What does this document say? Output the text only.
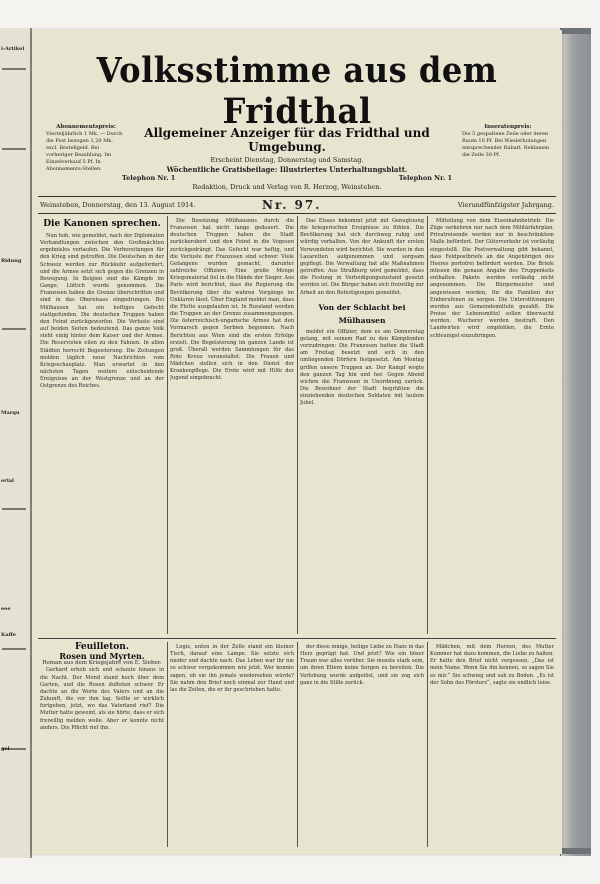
i-Artikel
Ridung
Marqu
erial
eee
Kaffe
gel
Volksstimme aus dem Fridthal
Abonnementspreis:
Vierteljährlich 1 Mk. — Durch die Post bezogen 1,20 Mk. excl. Bestellgeld. Bei vorheriger Bezahlung. Im Einzelverkauf 5 Pf. In Abonnements-Stellen.
Allgemeiner Anzeiger für das Fridthal und Umgebung.
Erscheint Dienstag, Donnerstag und Samstag.
Wöchentliche Gratisbeilage: Illustriertes Unterhaltungsblatt.
Telephon Nr. 1	Telephon Nr. 1
Redaktion, Druck und Verlag von R. Herzog, Weinsteben.
Inseratenpreis:
Die 5 gespaltene Zeile oder deren Raum 10 Pf. Bei Wiederholungen entsprechender Rabatt. Reklamen die Zeile 30 Pf.
Weinsteben, Donnerstag, den 13. August 1914.	Nr. 97.	Vierundfünfzigster Jahrgang.
Die Kanonen sprechen.

Nun hob, wie gemeldet, nach der Diplomaten Verhandlungen zwischen den Großmächten ergebnislos verlaufen. Die Vorbereitungen für den Krieg sind getroffen. Die Deutschen in der Schweiz werden zur Rückkehr aufgefordert, und die Armee setzt sich gegen die Grenzen in Bewegung. In Belgien sind die Kämpfe im Gange; Lüttich wurde genommen. Die Franzosen haben die Grenze überschritten und sind in das Oberelsass eingedrungen. Bei Mülhausen hat ein heftiges Gefecht stattgefunden. Die deutschen Truppen haben den Feind zurückgeworfen. Die Verluste sind auf beiden Seiten bedeutend. Das ganze Volk steht einig hinter dem Kaiser und der Armee. Die Reservisten eilen zu den Fahnen. In allen Städten herrscht Begeisterung. Die Zeitungen melden täglich neue Nachrichten vom Kriegsschauplatz. Man erwartet in den nächsten Tagen weitere entscheidende Ereignisse an der Westgrenze und an der Ostgrenze des Reiches.

Die Besetzung Mülhausens durch die Franzosen hat nicht lange gedauert. Die deutschen Truppen haben die Stadt zurückerobert und den Feind in die Vogesen zurückgedrängt. Das Gefecht war heftig, und die Verluste der Franzosen sind schwer. Viele Gefangene wurden gemacht, darunter zahlreiche Offiziere. Eine große Menge Kriegsmaterial fiel in die Hände der Sieger. Aus Paris wird berichtet, dass die Regierung die Bevölkerung über die wahren Vorgänge im Unklaren lässt. Über England meldet man, dass die Flotte ausgelaufen ist. In Russland werden die Truppen an der Grenze zusammengezogen. Die österreichisch-ungarische Armee hat den Vormarsch gegen Serbien begonnen. Nach Berichten aus Wien sind die ersten Erfolge erzielt. Die Begeisterung im ganzen Lande ist groß. Überall werden Sammlungen für das Rote Kreuz veranstaltet. Die Frauen und Mädchen stellen sich in den Dienst der Krankenpflege. Die Ernte wird mit Hilfe der Jugend eingebracht.

Das Elsass bekommt jetzt mit Genugtuung die kriegerischen Ereignisse zu fühlen. Die Bevölkerung hat sich durchweg ruhig und würdig verhalten. Von der Ankunft der ersten Verwundeten wird berichtet. Sie wurden in den Lazaretten aufgenommen und sorgsam gepflegt. Die Verwaltung hat alle Maßnahmen getroffen. Aus Straßburg wird gemeldet, dass die Festung in Verteidigungszustand gesetzt worden ist. Die Bürger haben sich freiwillig zur Arbeit an den Befestigungen gemeldet.

Von der Schlacht bei Mülhausen

meldet ein Offizier, dem es am Donnerstag gelang, mit seinem Rad zu den Kämpfenden vorzudringen: Die Franzosen hatten die Stadt am Freitag besetzt und sich in den umliegenden Dörfern festgesetzt. Am Montag griffen unsere Truppen an. Der Kampf wogte den ganzen Tag hin und her. Gegen Abend wichen die Franzosen in Unordnung zurück. Die Bewohner der Stadt begrüßten die einziehenden deutschen Soldaten mit lautem Jubel.

Mitteilung von dem Eisenbahnbetrieb: Die Züge verkehren nur nach dem Militärfahrplan. Privatreisende werden nur in beschränktem Maße befördert. Der Güterverkehr ist vorläufig eingestellt. Die Postverwaltung gibt bekannt, dass Feldpostbriefe an die Angehörigen des Heeres portofrei befördert werden. Die Briefe müssen die genaue Angabe des Truppenteils enthalten. Pakete werden vorläufig nicht angenommen. Die Bürgermeister sind angewiesen worden, für die Familien der Einberufenen zu sorgen. Die Unterstützungen werden aus Gemeindemitteln gezahlt. Die Preise der Lebensmittel sollen überwacht werden. Wucherer werden bestraft. Den Landwirten wird empfohlen, die Ernte schleunigst einzubringen.

Feuilleton.
Rosen und Myrten.
Roman aus dem Kriegsjahre von E. Sieber.

Gerhard erhob sich und schaute hinaus in die Nacht. Der Mond stand hoch über dem Garten, und die Rosen dufteten schwer. Er dachte an die Worte des Vaters und an die Zukunft, die vor ihm lag. Sollte er wirklich fortgehen, jetzt, wo das Vaterland rief? Die Mutter hatte geweint, als sie hörte, dass er sich freiwillig melden wolle. Aber er konnte nicht anders. Die Pflicht rief ihn.

Logis, unten in der Zelle stand ein kleiner Tisch, darauf eine Lampe. Sie setzte sich nieder und dachte nach. Das Leben war ihr nie so schwer vorgekommen wie jetzt. Wer konnte sagen, ob sie ihn jemals wiedersehen würde? Sie nahm den Brief noch einmal zur Hand und las die Zeilen, die er ihr geschrieben hatte.

der diese innige, heilige Liebe zu Hans in das Herz geprägt hat. Und jetzt? Wie ein böser Traum war alles vorüber. Sie musste stark sein, um ihren Eltern keine Sorgen zu bereiten. Die Verlobung wurde aufgelöst, und sie zog sich ganz in die Stille zurück.

Mädchen, mit dem Herzen, des Mutter Kummer hat dazu kommen, die Liebe zu halten. Er hatte den Brief nicht vergessen. „Das ist mein Name. Wenn Sie ihn kennen, so sagen Sie es mir.“ Sie schwieg und sah zu Boden. „Es ist der Sohn des Försters“, sagte sie endlich leise.
